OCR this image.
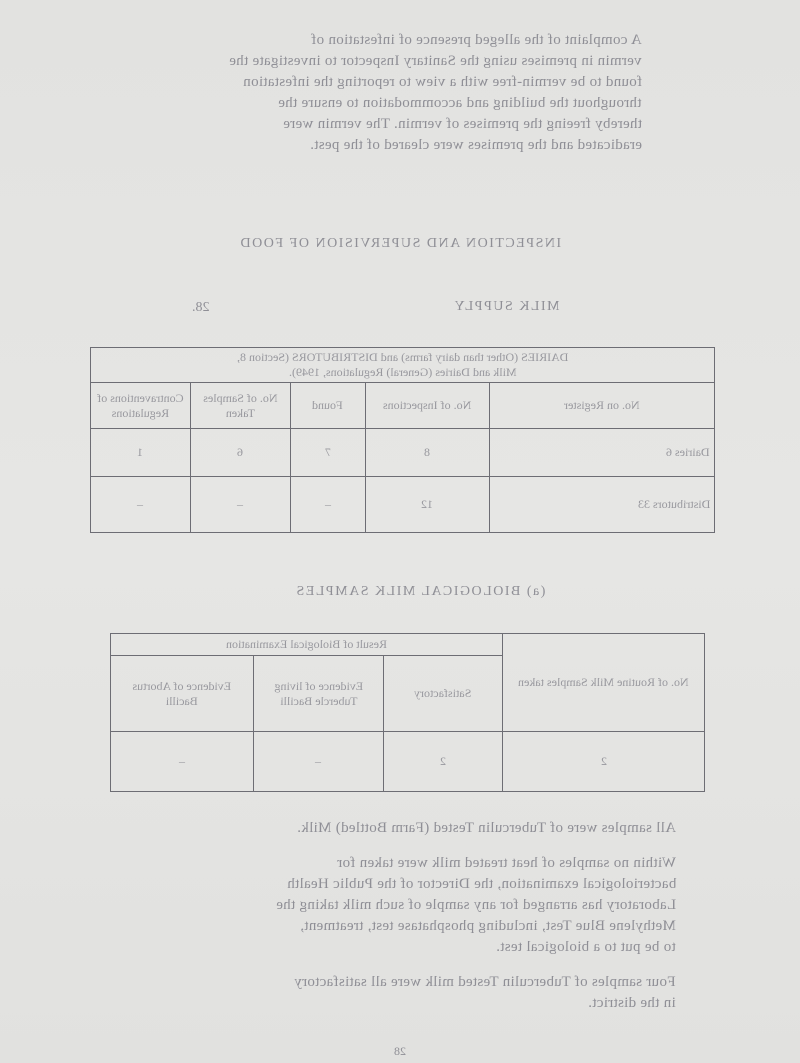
A complaint of the alleged presence of infestation of
vermin in premises using the Sanitary Inspector to investigate the
found to be vermin-free with a view to reporting the infestation
throughout the building and accommodation to ensure the
thereby freeing the premises of vermin. The vermin were
eradicated and the premises were cleared of the pest.
INSPECTION AND SUPERVISION OF FOOD
MILK SUPPLY
28.
DAIRIES (Other than dairy farms) and DISTRIBUTORS (Section 8,
Milk and Dairies (General) Regulations, 1949).				
Contraventions of Regulations	No. of Samples Taken	Found	No. of Inspections	No. on Register
1	6	7	8	Dairies 6
–	–	–	12	Distributors 33
(a) BIOLOGICAL MILK SAMPLES
Result of Biological Examination			No. of Routine Milk Samples taken
Evidence of Abortus Bacilli	Evidence of living Tubercle Bacilli	Satisfactory	
–	–	2	2
All samples were of Tuberculin Tested (Farm Bottled) Milk.
Within no samples of heat treated milk were taken for
bacteriological examination, the Director of the Public Health
Laboratory has arranged for any sample of such milk taking the
Methylene Blue Test, including phosphatase test, treatment,
to be put to a biological test.
Four samples of Tuberculin Tested milk were all satisfactory
in the district.
28
